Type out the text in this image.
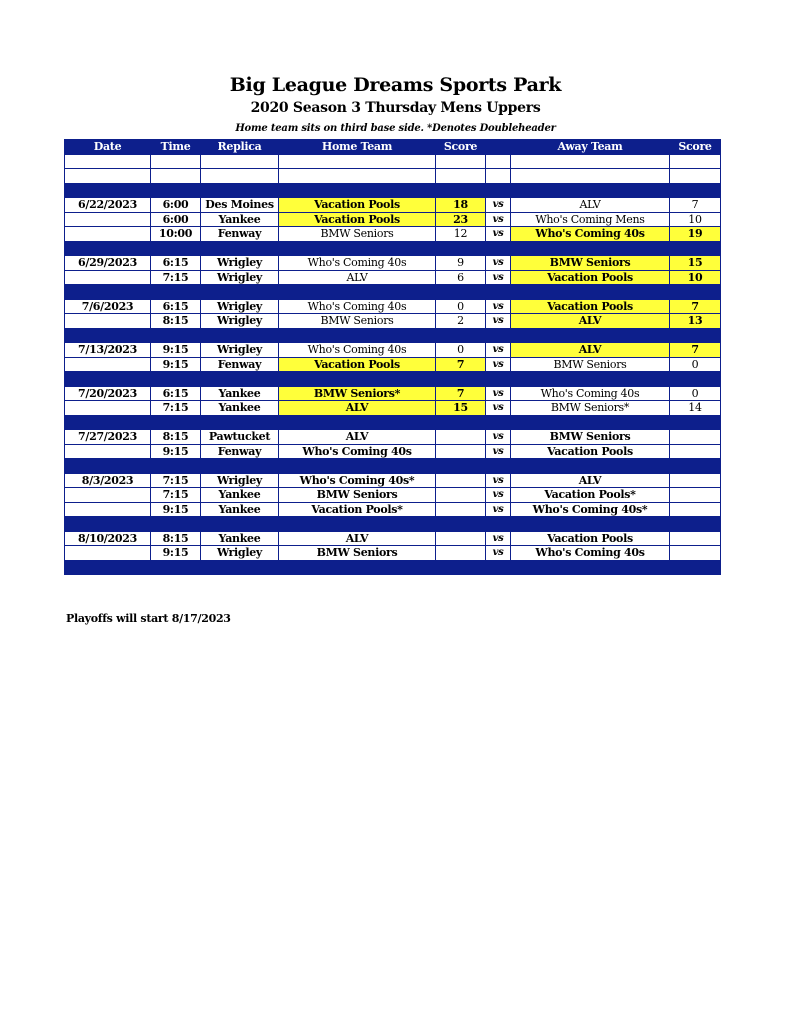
Big League Dreams Sports Park
2020 Season 3 Thursday Mens Uppers
Home team sits on third base side. *Denotes Doubleheader
Date	Time	Replica	Home Team	Score		Away Team	Score

6/22/2023	6:00	Des Moines	Vacation Pools	18	vs	ALV	7
	6:00	Yankee	Vacation Pools	23	vs	Who's Coming Mens	10
	10:00	Fenway	BMW Seniors	12	vs	Who's Coming 40s	19

6/29/2023	6:15	Wrigley	Who's Coming 40s	9	vs	BMW Seniors	15
	7:15	Wrigley	ALV	6	vs	Vacation Pools	10

7/6/2023	6:15	Wrigley	Who's Coming 40s	0	vs	Vacation Pools	7
	8:15	Wrigley	BMW Seniors	2	vs	ALV	13

7/13/2023	9:15	Wrigley	Who's Coming 40s	0	vs	ALV	7
	9:15	Fenway	Vacation Pools	7	vs	BMW Seniors	0

7/20/2023	6:15	Yankee	BMW Seniors*	7	vs	Who's Coming 40s	0
	7:15	Yankee	ALV	15	vs	BMW Seniors*	14

7/27/2023	8:15	Pawtucket	ALV		vs	BMW Seniors	
	9:15	Fenway	Who's Coming 40s		vs	Vacation Pools	

8/3/2023	7:15	Wrigley	Who's Coming 40s*		vs	ALV	
	7:15	Yankee	BMW Seniors		vs	Vacation Pools*	
	9:15	Yankee	Vacation Pools*		vs	Who's Coming 40s*	

8/10/2023	8:15	Yankee	ALV		vs	Vacation Pools	
	9:15	Wrigley	BMW Seniors		vs	Who's Coming 40s	

Playoffs will start 8/17/2023
